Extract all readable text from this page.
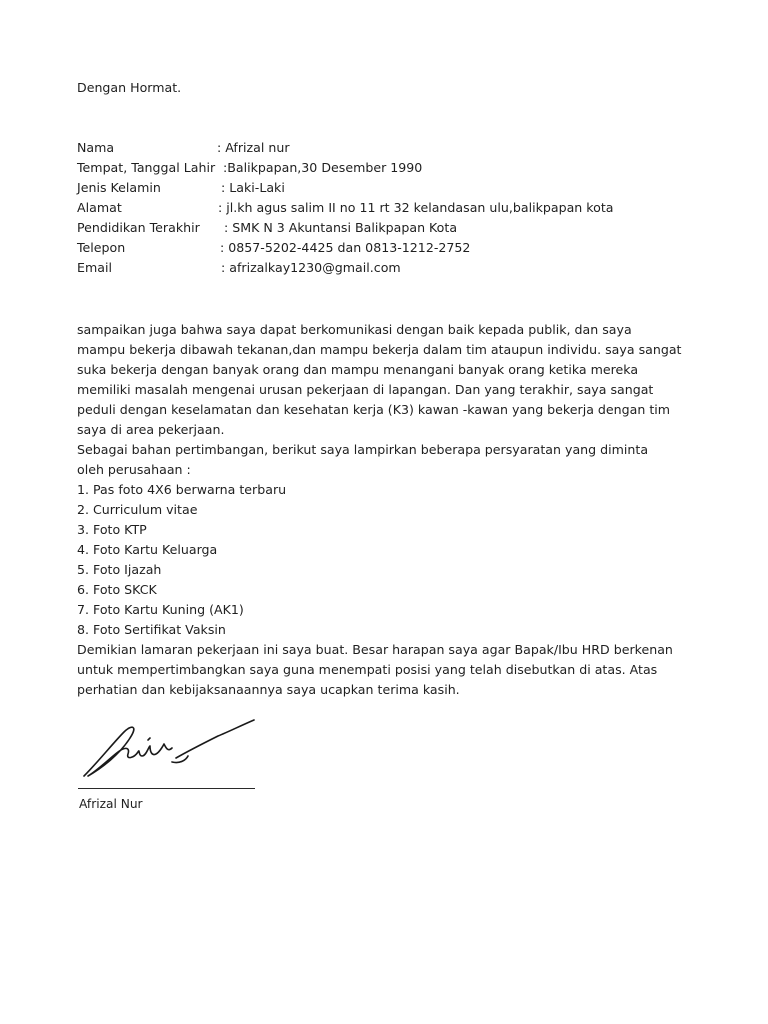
Dengan Hormat.
Nama	: Afrizal nur
Tempat, Tanggal Lahir :Balikpapan,30 Desember 1990
Jenis Kelamin	: Laki-Laki
Alamat	: jl.kh agus salim II no 11 rt 32 kelandasan ulu,balikpapan kota
Pendidikan Terakhir : SMK N 3 Akuntansi Balikpapan Kota
Telepon	: 0857-5202-4425 dan 0813-1212-2752
Email	: afrizalkay1230@gmail.com
sampaikan juga bahwa saya dapat berkomunikasi dengan baik kepada publik, dan saya
mampu bekerja dibawah tekanan,dan mampu bekerja dalam tim ataupun individu. saya sangat
suka bekerja dengan banyak orang dan mampu menangani banyak orang ketika mereka
memiliki masalah mengenai urusan pekerjaan di lapangan. Dan yang terakhir, saya sangat
peduli dengan keselamatan dan kesehatan kerja (K3) kawan -kawan yang bekerja dengan tim
saya di area pekerjaan.
Sebagai bahan pertimbangan, berikut saya lampirkan beberapa persyaratan yang diminta
oleh perusahaan :
1. Pas foto 4X6 berwarna terbaru
2. Curriculum vitae
3. Foto KTP
4. Foto Kartu Keluarga
5. Foto Ijazah
6. Foto SKCK
7. Foto Kartu Kuning (AK1)
8. Foto Sertifikat Vaksin
Demikian lamaran pekerjaan ini saya buat. Besar harapan saya agar Bapak/Ibu HRD berkenan
untuk mempertimbangkan saya guna menempati posisi yang telah disebutkan di atas. Atas
perhatian dan kebijaksanaannya saya ucapkan terima kasih.
Afrizal Nur
